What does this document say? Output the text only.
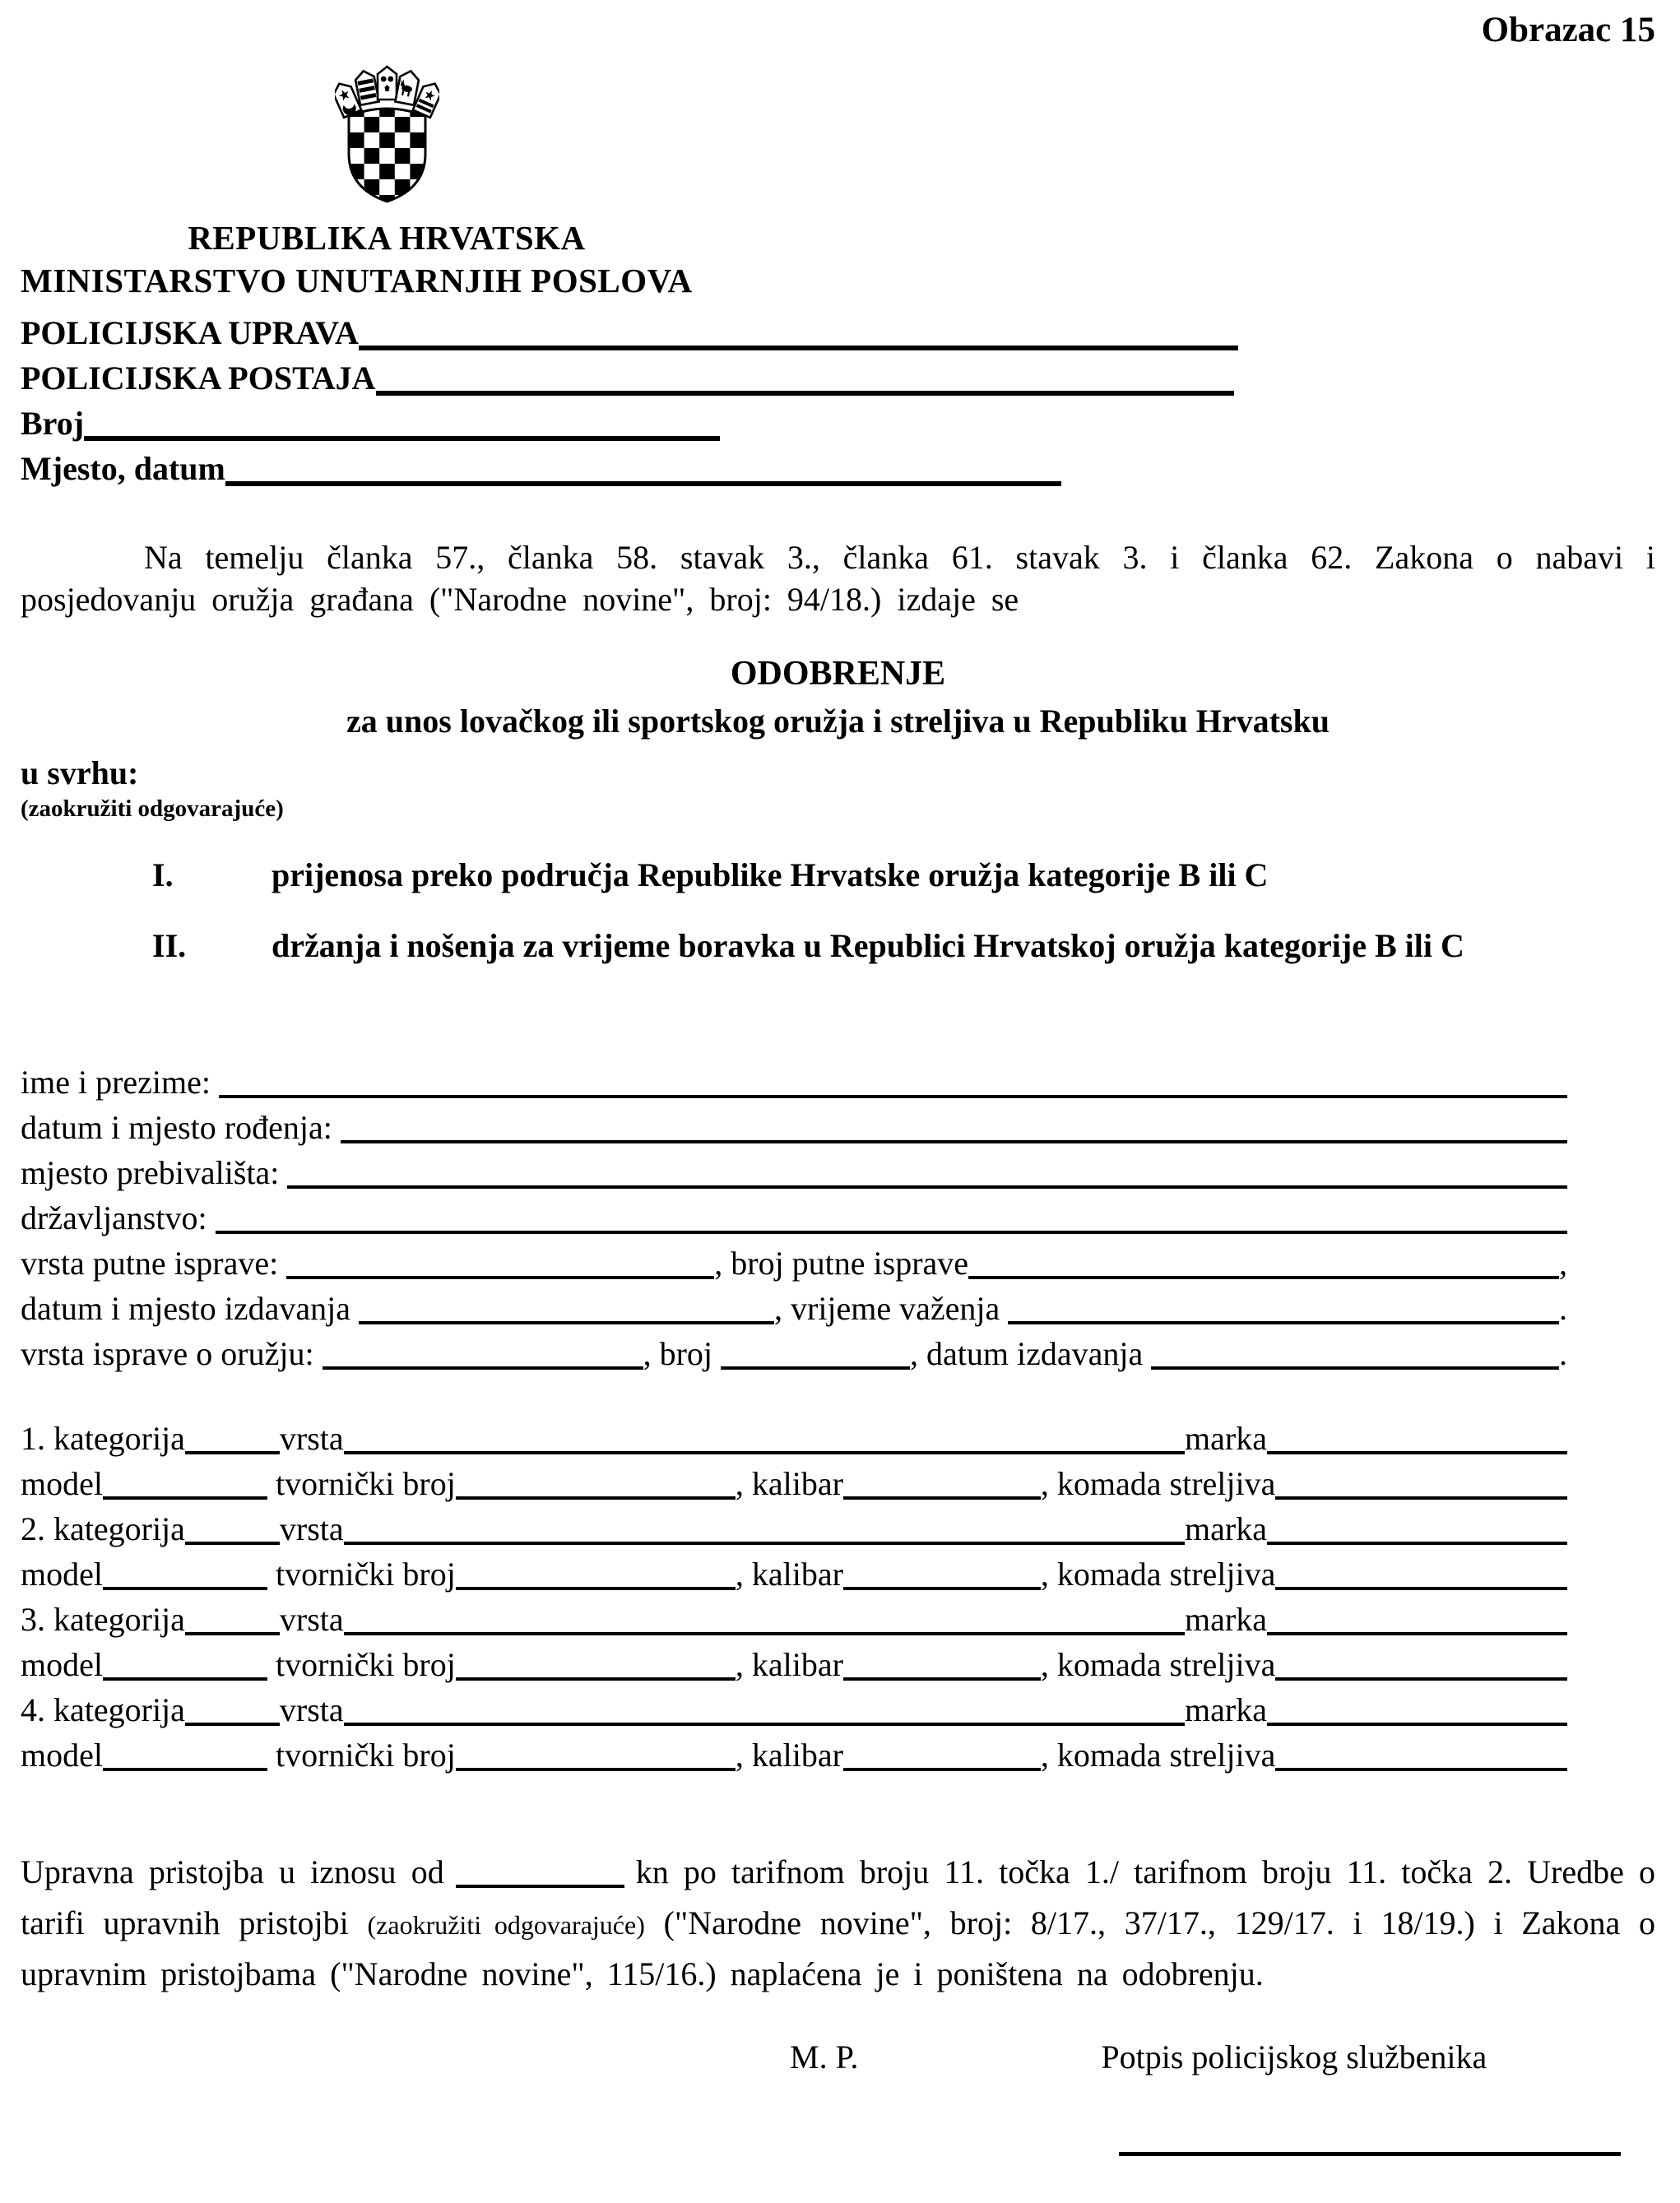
Obrazac 15
REPUBLIKA HRVATSKA
MINISTARSTVO UNUTARNJIH POSLOVA
POLICIJSKA UPRAVA
POLICIJSKA POSTAJA
Broj
Mjesto, datum

Na temelju članka 57., članka 58. stavak 3., članka 61. stavak 3. i članka 62. Zakona o nabavi i posjedovanju oružja građana ("Narodne novine", broj: 94/18.) izdaje se

ODOBRENJE
za unos lovačkog ili sportskog oružja i streljiva u Republiku Hrvatsku
u svrhu:
(zaokružiti odgovarajuće)
I.	prijenosa preko područja Republike Hrvatske oružja kategorije B ili C
II.	držanja i nošenja za vrijeme boravka u Republici Hrvatskoj oružja kategorije B ili C
ime i prezime:
datum i mjesto rođenja:
mjesto prebivališta:
državljanstvo:
vrsta putne isprave:	, broj putne isprave	,
datum i mjesto izdavanja	, vrijeme važenja	.
vrsta isprave o oružju:	, broj	, datum izdavanja	.
1. kategorija	vrsta	marka
model	tvornički broj	, kalibar	, komada streljiva
2. kategorija	vrsta	marka
model	tvornički broj	, kalibar	, komada streljiva
3. kategorija	vrsta	marka
model	tvornički broj	, kalibar	, komada streljiva
4. kategorija	vrsta	marka
model	tvornički broj	, kalibar	, komada streljiva

Upravna pristojba u iznosu od	kn po tarifnom broju 11. točka 1./ tarifnom broju 11. točka 2. Uredbe o tarifi upravnih pristojbi (zaokružiti odgovarajuće) ("Narodne novine", broj: 8/17., 37/17., 129/17. i 18/19.) i Zakona o upravnim pristojbama ("Narodne novine", 115/16.) naplaćena je i poništena na odobrenju.

M. P.	Potpis policijskog službenika
